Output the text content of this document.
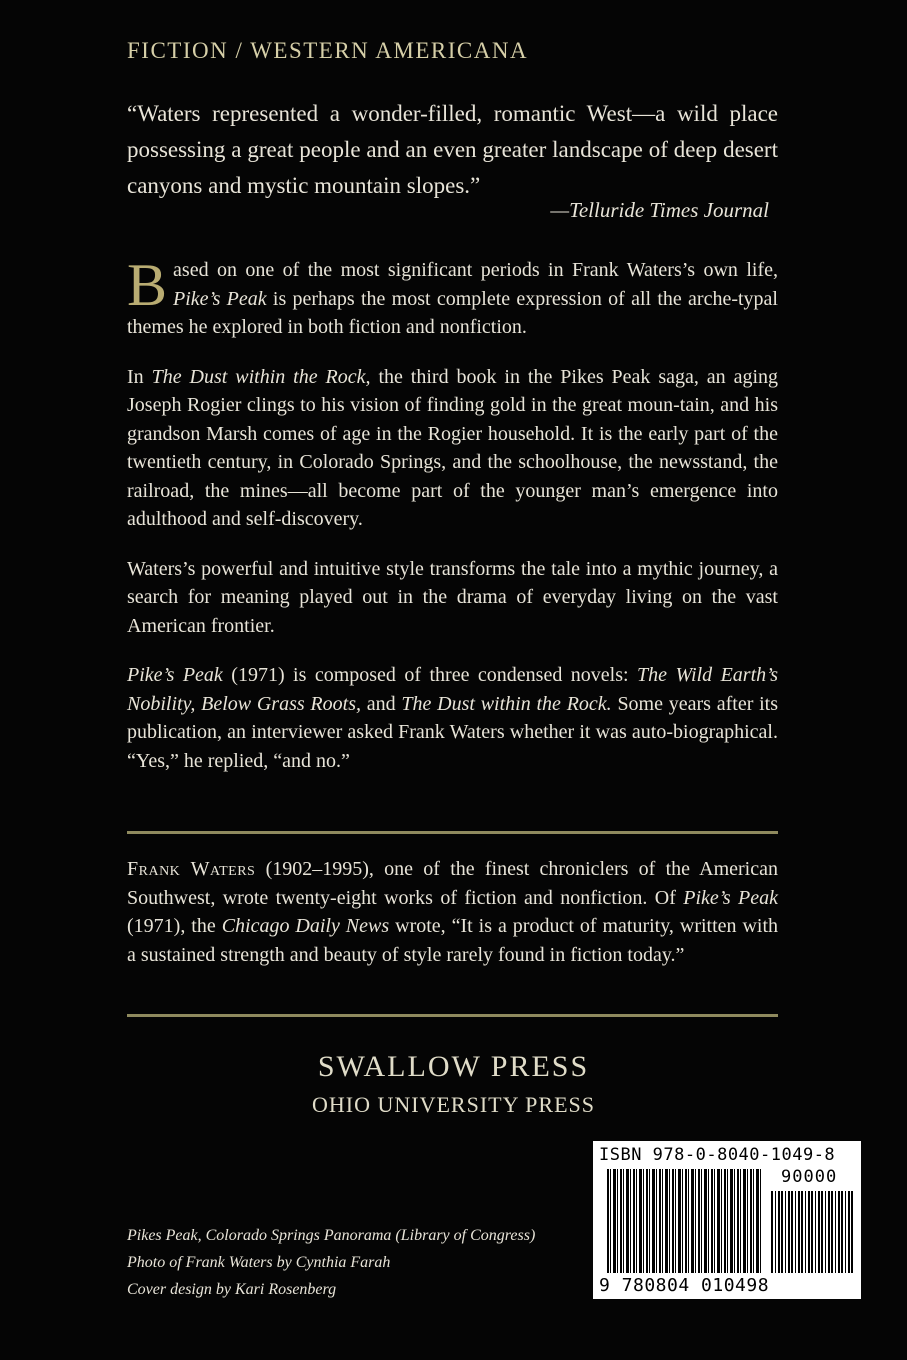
FICTION / WESTERN AMERICANA
“Waters represented a wonder-filled, romantic West—a wild place possessing a great people and an even greater landscape of deep desert canyons and mystic mountain slopes.”
—Telluride Times Journal

Based on one of the most significant periods in Frank Waters’s own life, Pike’s Peak is perhaps the most complete expression of all the arche-typal themes he explored in both fiction and nonfiction.

In The Dust within the Rock, the third book in the Pikes Peak saga, an aging Joseph Rogier clings to his vision of finding gold in the great moun-tain, and his grandson Marsh comes of age in the Rogier household. It is the early part of the twentieth century, in Colorado Springs, and the schoolhouse, the newsstand, the railroad, the mines—all become part of the younger man’s emergence into adulthood and self-discovery.

Waters’s powerful and intuitive style transforms the tale into a mythic journey, a search for meaning played out in the drama of everyday living on the vast American frontier.

Pike’s Peak (1971) is composed of three condensed novels: The Wild Earth’s Nobility, Below Grass Roots, and The Dust within the Rock. Some years after its publication, an interviewer asked Frank Waters whether it was auto-biographical. “Yes,” he replied, “and no.”

Frank Waters (1902–1995), one of the finest chroniclers of the American Southwest, wrote twenty-eight works of fiction and nonfiction. Of Pike’s Peak (1971), the Chicago Daily News wrote, “It is a product of maturity, written with a sustained strength and beauty of style rarely found in fiction today.”
SWALLOW PRESS
OHIO UNIVERSITY PRESS
Pikes Peak, Colorado Springs Panorama (Library of Congress)
Photo of Frank Waters by Cynthia Farah
Cover design by Kari Rosenberg
ISBN 978-0-8040-1049-8
90000
9 780804 010498
